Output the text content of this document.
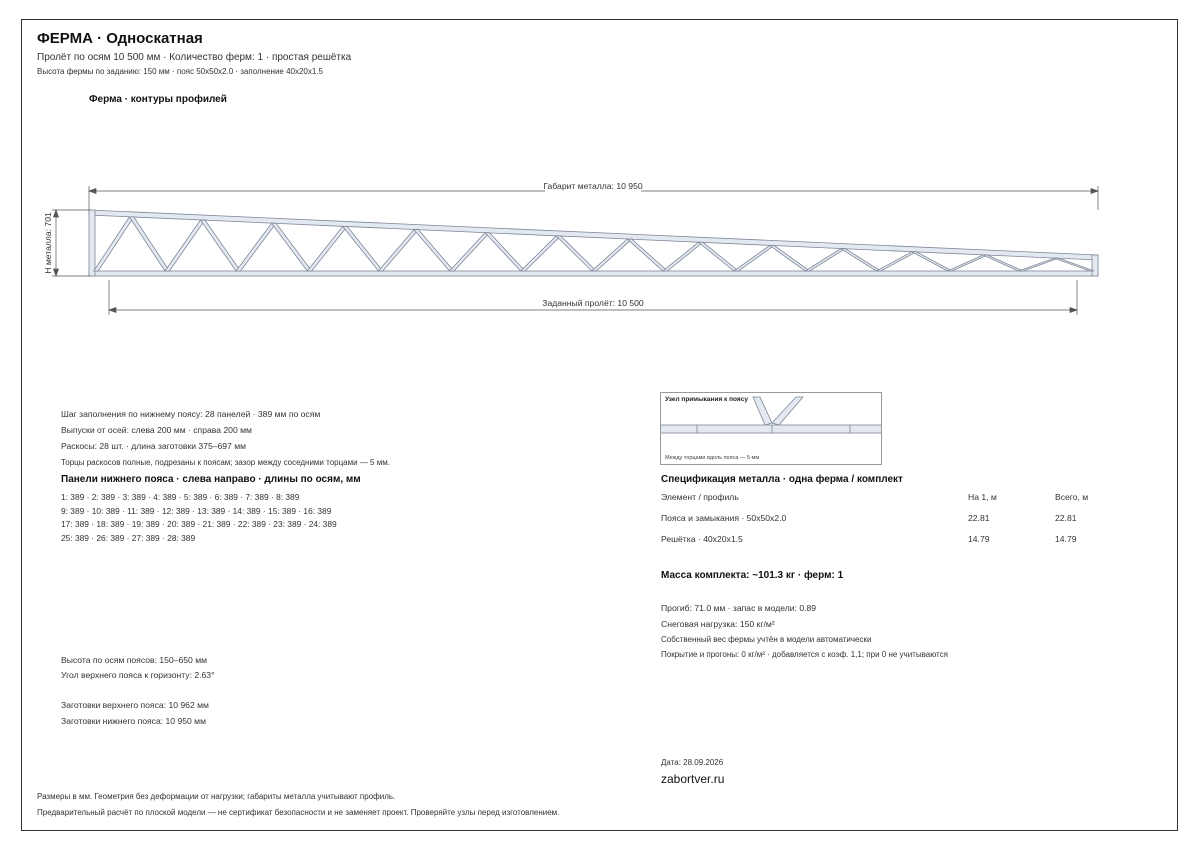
ФЕРМА · Односкатная
Пролёт по осям 10 500 мм · Количество ферм: 1 · простая решётка
Высота фермы по заданию: 150 мм · пояс 50x50x2.0 · заполнение 40x20x1.5
Ферма · контуры профилей
Габарит металла: 10 950
Заданный пролёт: 10 500
H металла: 701
Шаг заполнения по нижнему поясу: 28 панелей · 389 мм по осям
Выпуски от осей: слева 200 мм · справа 200 мм
Раскосы: 28 шт. · длина заготовки 375–697 мм
Торцы раскосов полные, подрезаны к поясам; зазор между соседними торцами — 5 мм.
Панели нижнего пояса · слева направо · длины по осям, мм
1: 389 · 2: 389 · 3: 389 · 4: 389 · 5: 389 · 6: 389 · 7: 389 · 8: 389
9: 389 · 10: 389 · 11: 389 · 12: 389 · 13: 389 · 14: 389 · 15: 389 · 16: 389
17: 389 · 18: 389 · 19: 389 · 20: 389 · 21: 389 · 22: 389 · 23: 389 · 24: 389
25: 389 · 26: 389 · 27: 389 · 28: 389
Высота по осям поясов: 150–650 мм
Угол верхнего пояса к горизонту: 2.63°
Заготовки верхнего пояса: 10 962 мм
Заготовки нижнего пояса: 10 950 мм
Узел примыкания к поясу
Между торцами вдоль пояса — 5 мм
Спецификация металла · одна ферма / комплект
Элемент / профиль	На 1, м	Всего, м
Пояса и замыкания · 50x50x2.0	22.81	22.81
Решётка · 40x20x1.5	14.79	14.79
Масса комплекта: ~101.3 кг · ферм: 1
Прогиб: 71.0 мм · запас в модели: 0.89
Снеговая нагрузка: 150 кг/м²
Собственный вес фермы учтён в модели автоматически
Покрытие и прогоны: 0 кг/м² · добавляется с коэф. 1,1; при 0 не учитываются
Дата: 28.09.2026
zabortver.ru
Размеры в мм. Геометрия без деформации от нагрузки; габариты металла учитывают профиль.
Предварительный расчёт по плоской модели — не сертификат безопасности и не заменяет проект. Проверяйте узлы перед изготовлением.
